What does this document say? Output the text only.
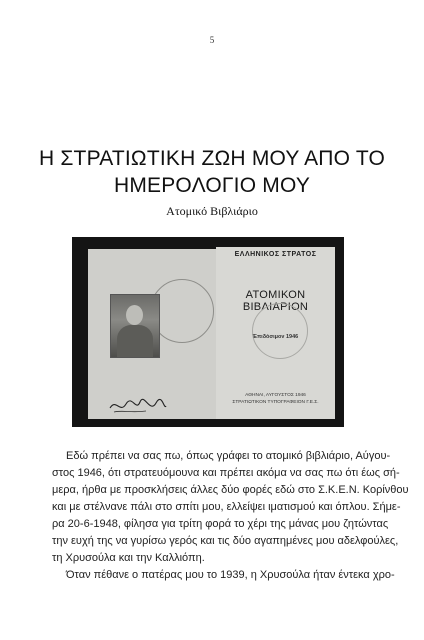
5
Η ΣΤΡΑΤΙΩΤΙΚΗ ΖΩΗ ΜΟΥ ΑΠΟ ΤΟ
ΗΜΕΡΟΛΟΓΙΟ ΜΟΥ
Ατομικό Βιβλιάριο

ΕΛΛΗΝΙΚΟΣ ΣΤΡΑΤΟΣ

ΑΤΟΜΙΚΟΝ ΒΙΒΛΙΑΡΙΟΝ
Ἐπιδόσιμον 1946
ΑΘΗΝΑΙ, ΑΥΓΟΥΣΤΟΣ 1946
ΣΤΡΑΤΙΩΤΙΚΟΝ ΤΥΠΟΓΡΑΦΕΙΟΝ Γ.Ε.Σ.
Εδώ πρέπει να σας πω, όπως γράφει το ατομικό βιβλιάριο, Αύγου-
στος 1946, ότι στρατευόμουνα και πρέπει ακόμα να σας πω ότι έως σή-
μερα, ήρθα με προσκλήσεις άλλες δύο φορές εδώ στο Σ.Κ.Ε.Ν. Κορίνθου
και με στέλνανε πάλι στο σπίτι μου, ελλείψει ιματισμού και όπλου. Σήμε-
ρα 20-6-1948, φίλησα για τρίτη φορά το χέρι της μάνας μου ζητώντας
την ευχή της να γυρίσω γερός και τις δύο αγαπημένες μου αδελφούλες,
τη Χρυσούλα και την Καλλιόπη.
Όταν πέθανε ο πατέρας μου το 1939, η Χρυσούλα ήταν έντεκα χρο-
